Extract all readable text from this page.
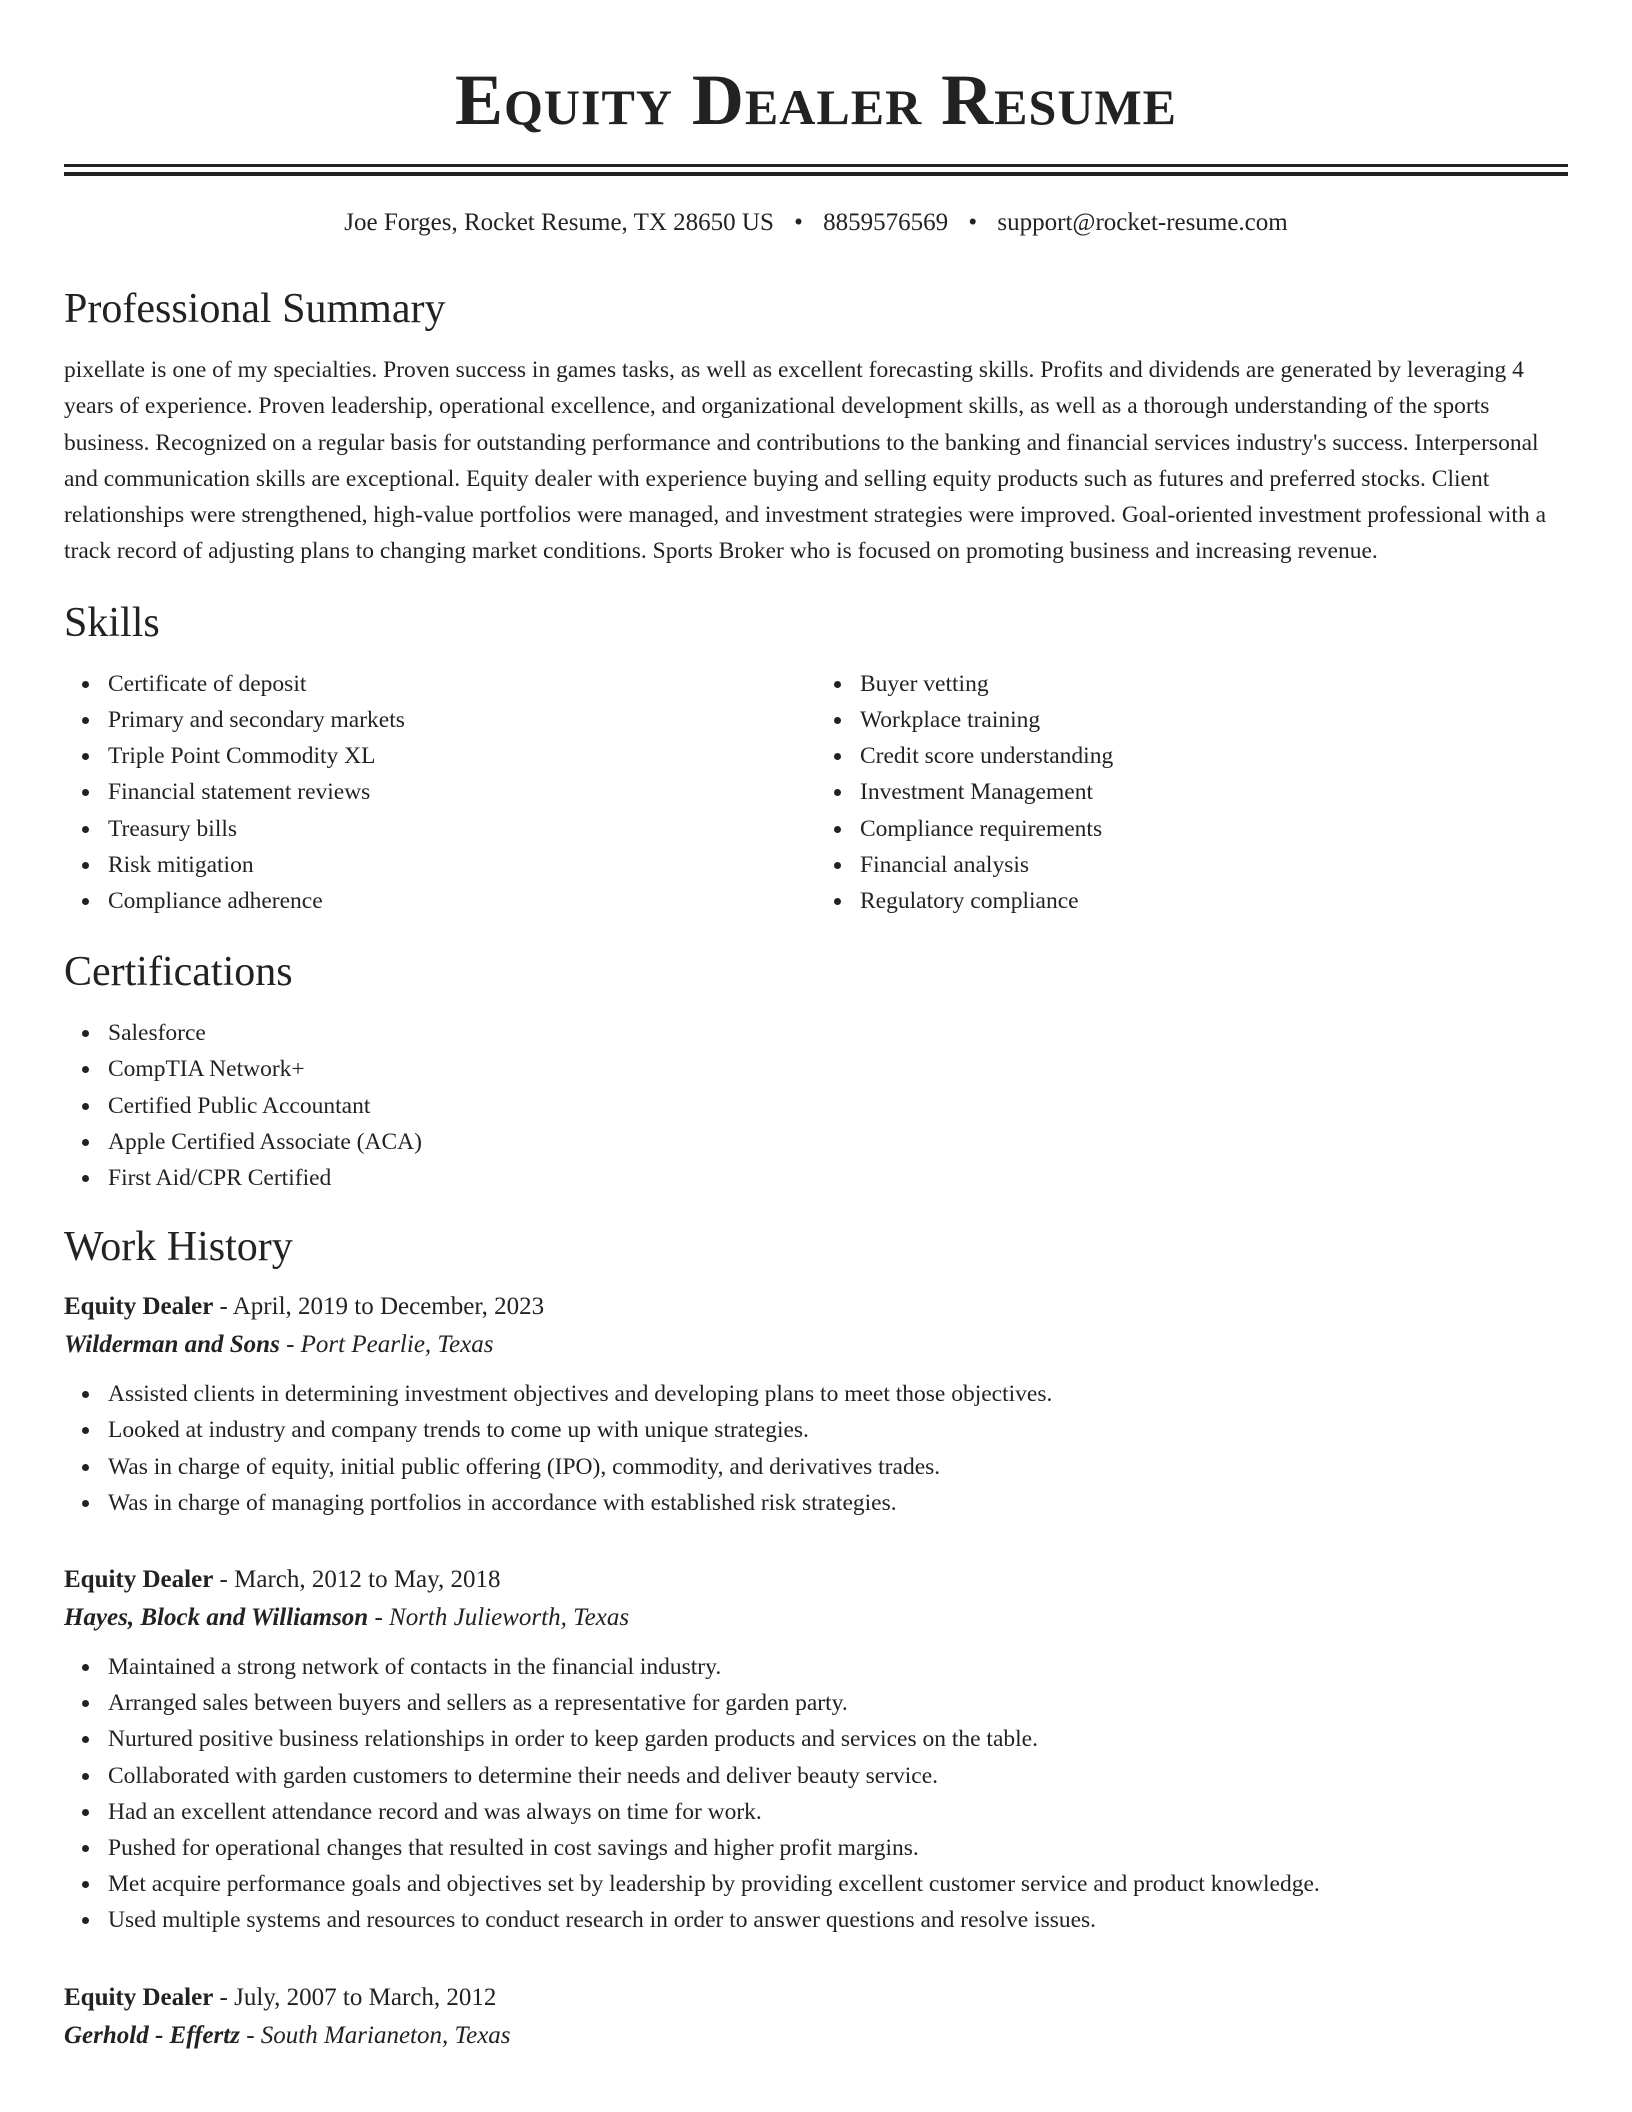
Equity Dealer Resume
Joe Forges, Rocket Resume, TX 28650 US • 8859576569 • support@rocket-resume.com
Professional Summary

pixellate is one of my specialties. Proven success in games tasks, as well as excellent forecasting skills. Profits and dividends are generated by leveraging 4 years of experience. Proven leadership, operational excellence, and organizational development skills, as well as a thorough understanding of the sports business. Recognized on a regular basis for outstanding performance and contributions to the banking and financial services industry's success. Interpersonal and communication skills are exceptional. Equity dealer with experience buying and selling equity products such as futures and preferred stocks. Client relationships were strengthened, high-value portfolios were managed, and investment strategies were improved. Goal-oriented investment professional with a track record of adjusting plans to changing market conditions. Sports Broker who is focused on promoting business and increasing revenue.

Skills
Certificate of deposit
Primary and secondary markets
Triple Point Commodity XL
Financial statement reviews
Treasury bills
Risk mitigation
Compliance adherence
Buyer vetting
Workplace training
Credit score understanding
Investment Management
Compliance requirements
Financial analysis
Regulatory compliance
Certifications
Salesforce
CompTIA Network+
Certified Public Accountant
Apple Certified Associate (ACA)
First Aid/CPR Certified
Work History
Equity Dealer - April, 2019 to December, 2023
Wilderman and Sons - Port Pearlie, Texas
Assisted clients in determining investment objectives and developing plans to meet those objectives.
Looked at industry and company trends to come up with unique strategies.
Was in charge of equity, initial public offering (IPO), commodity, and derivatives trades.
Was in charge of managing portfolios in accordance with established risk strategies.
Equity Dealer - March, 2012 to May, 2018
Hayes, Block and Williamson - North Julieworth, Texas
Maintained a strong network of contacts in the financial industry.
Arranged sales between buyers and sellers as a representative for garden party.
Nurtured positive business relationships in order to keep garden products and services on the table.
Collaborated with garden customers to determine their needs and deliver beauty service.
Had an excellent attendance record and was always on time for work.
Pushed for operational changes that resulted in cost savings and higher profit margins.
Met acquire performance goals and objectives set by leadership by providing excellent customer service and product knowledge.
Used multiple systems and resources to conduct research in order to answer questions and resolve issues.
Equity Dealer - July, 2007 to March, 2012
Gerhold - Effertz - South Marianeton, Texas
